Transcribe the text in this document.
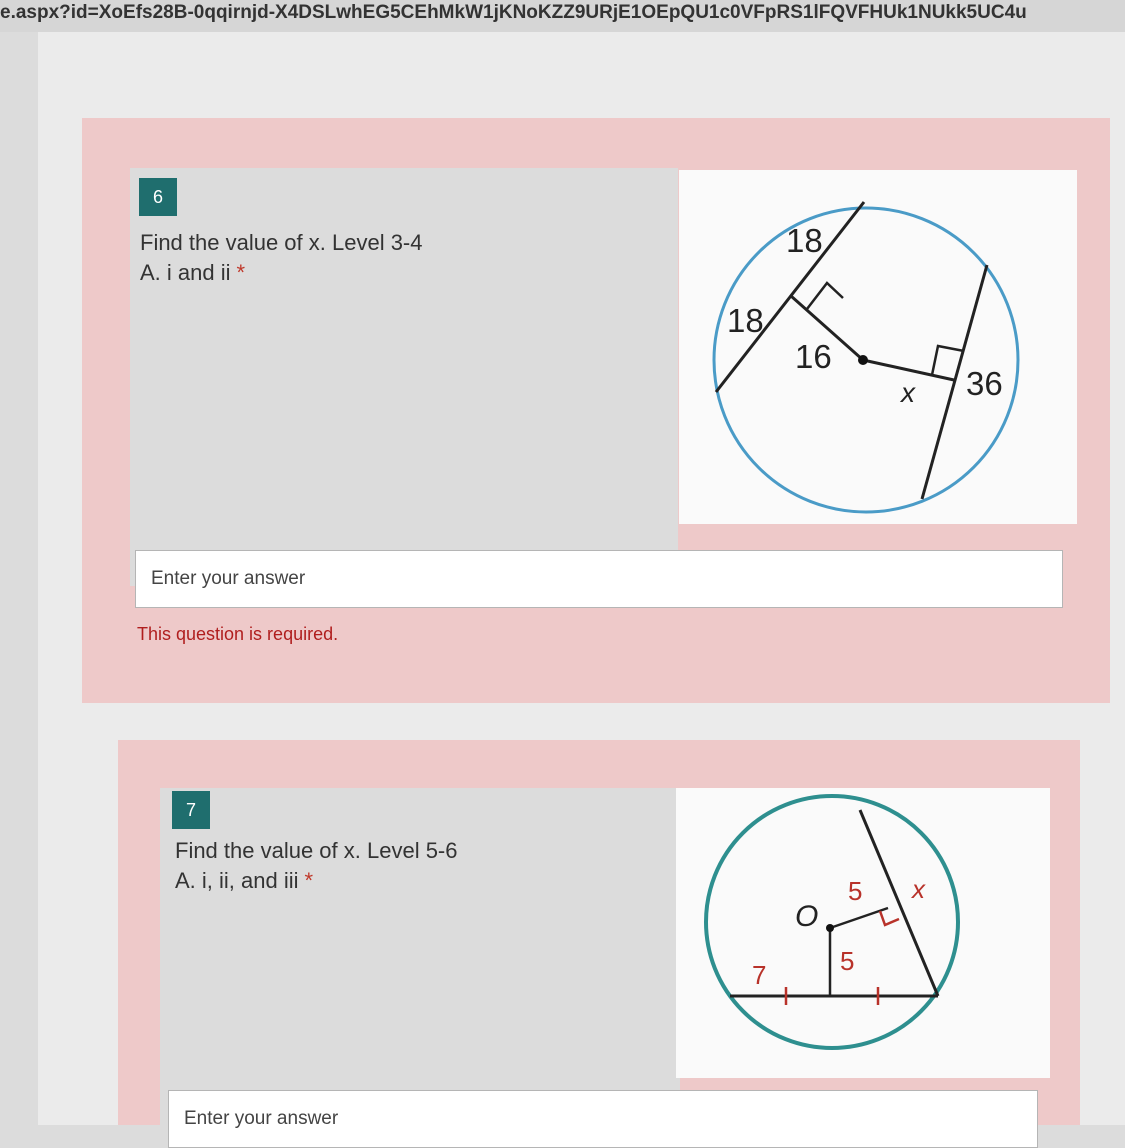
e.aspx?id=XoEfs28B-0qqirnjd-X4DSLwhEG5CEhMkW1jKNoKZZ9URjE1OEpQU1c0VFpRS1lFQVFHUk1NUkk5UC4u
6
Find the value of x. Level 3-4
A. i and ii *
18
18
16
x 36
Enter your answer
This question is required.
7
Find the value of x. Level 5-6
A. i, ii, and iii *
O
5 x
5
7
Enter your answer
